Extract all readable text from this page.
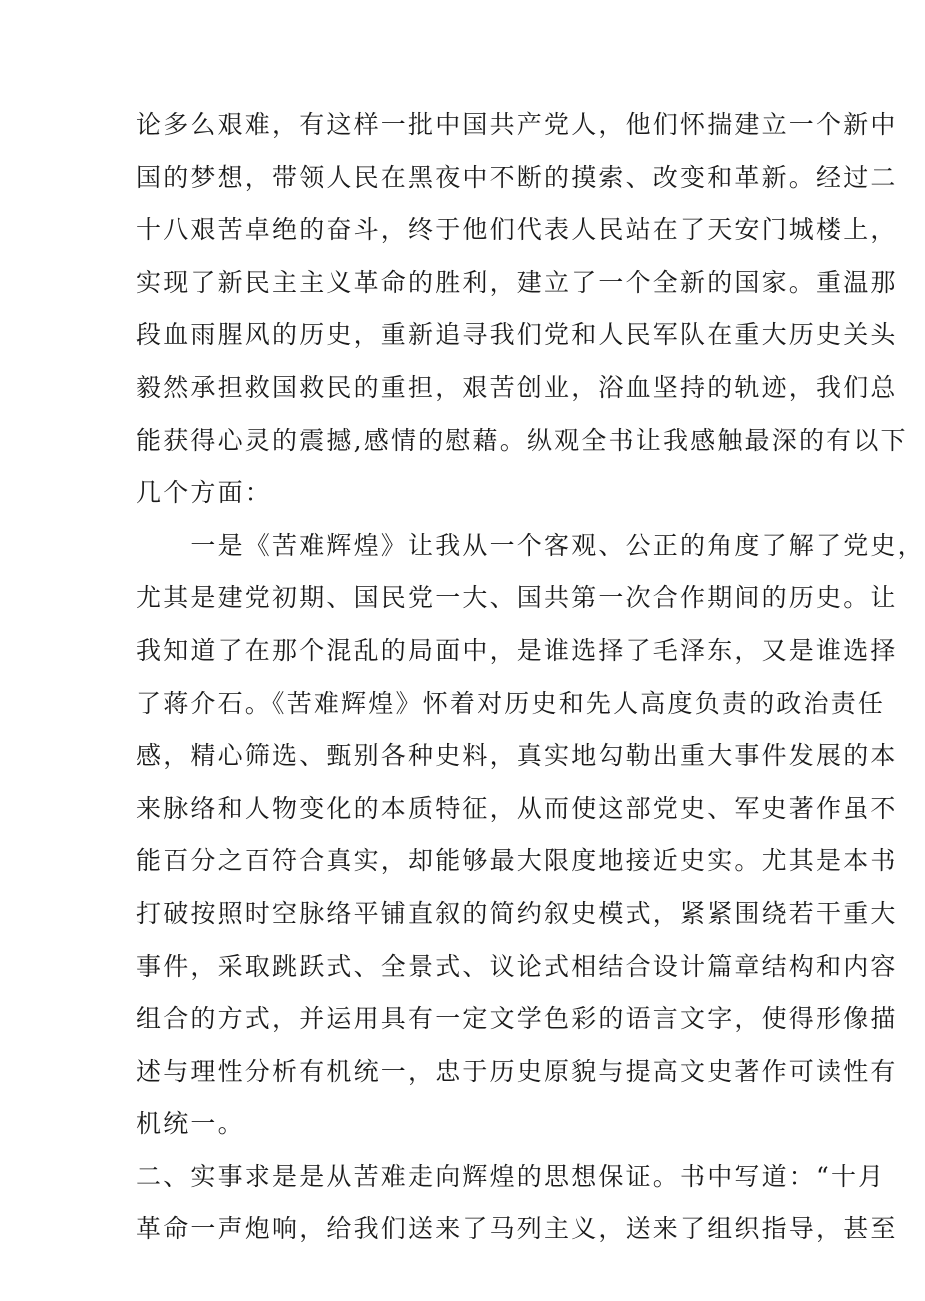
论多么艰难，有这样一批中国共产党人，他们怀揣建立一个新中
国的梦想，带领人民在黑夜中不断的摸索、改变和革新。经过二
十八艰苦卓绝的奋斗，终于他们代表人民站在了天安门城楼上，
实现了新民主主义革命的胜利，建立了一个全新的国家。重温那
段血雨腥风的历史，重新追寻我们党和人民军队在重大历史关头
毅然承担救国救民的重担，艰苦创业，浴血坚持的轨迹，我们总
能获得心灵的震撼,感情的慰藉。纵观全书让我感触最深的有以下
几个方面：
　　一是《苦难辉煌》让我从一个客观、公正的角度了解了党史，
尤其是建党初期、国民党一大、国共第一次合作期间的历史。让
我知道了在那个混乱的局面中，是谁选择了毛泽东，又是谁选择
了蒋介石。《苦难辉煌》怀着对历史和先人高度负责的政治责任
感，精心筛选、甄别各种史料，真实地勾勒出重大事件发展的本
来脉络和人物变化的本质特征，从而使这部党史、军史著作虽不
能百分之百符合真实，却能够最大限度地接近史实。尤其是本书
打破按照时空脉络平铺直叙的简约叙史模式，紧紧围绕若干重大
事件，采取跳跃式、全景式、议论式相结合设计篇章结构和内容
组合的方式，并运用具有一定文学色彩的语言文字，使得形像描
述与理性分析有机统一，忠于历史原貌与提高文史著作可读性有
机统一。
二、实事求是是从苦难走向辉煌的思想保证。书中写道：“十月
革命一声炮响，给我们送来了马列主义，送来了组织指导，甚至
